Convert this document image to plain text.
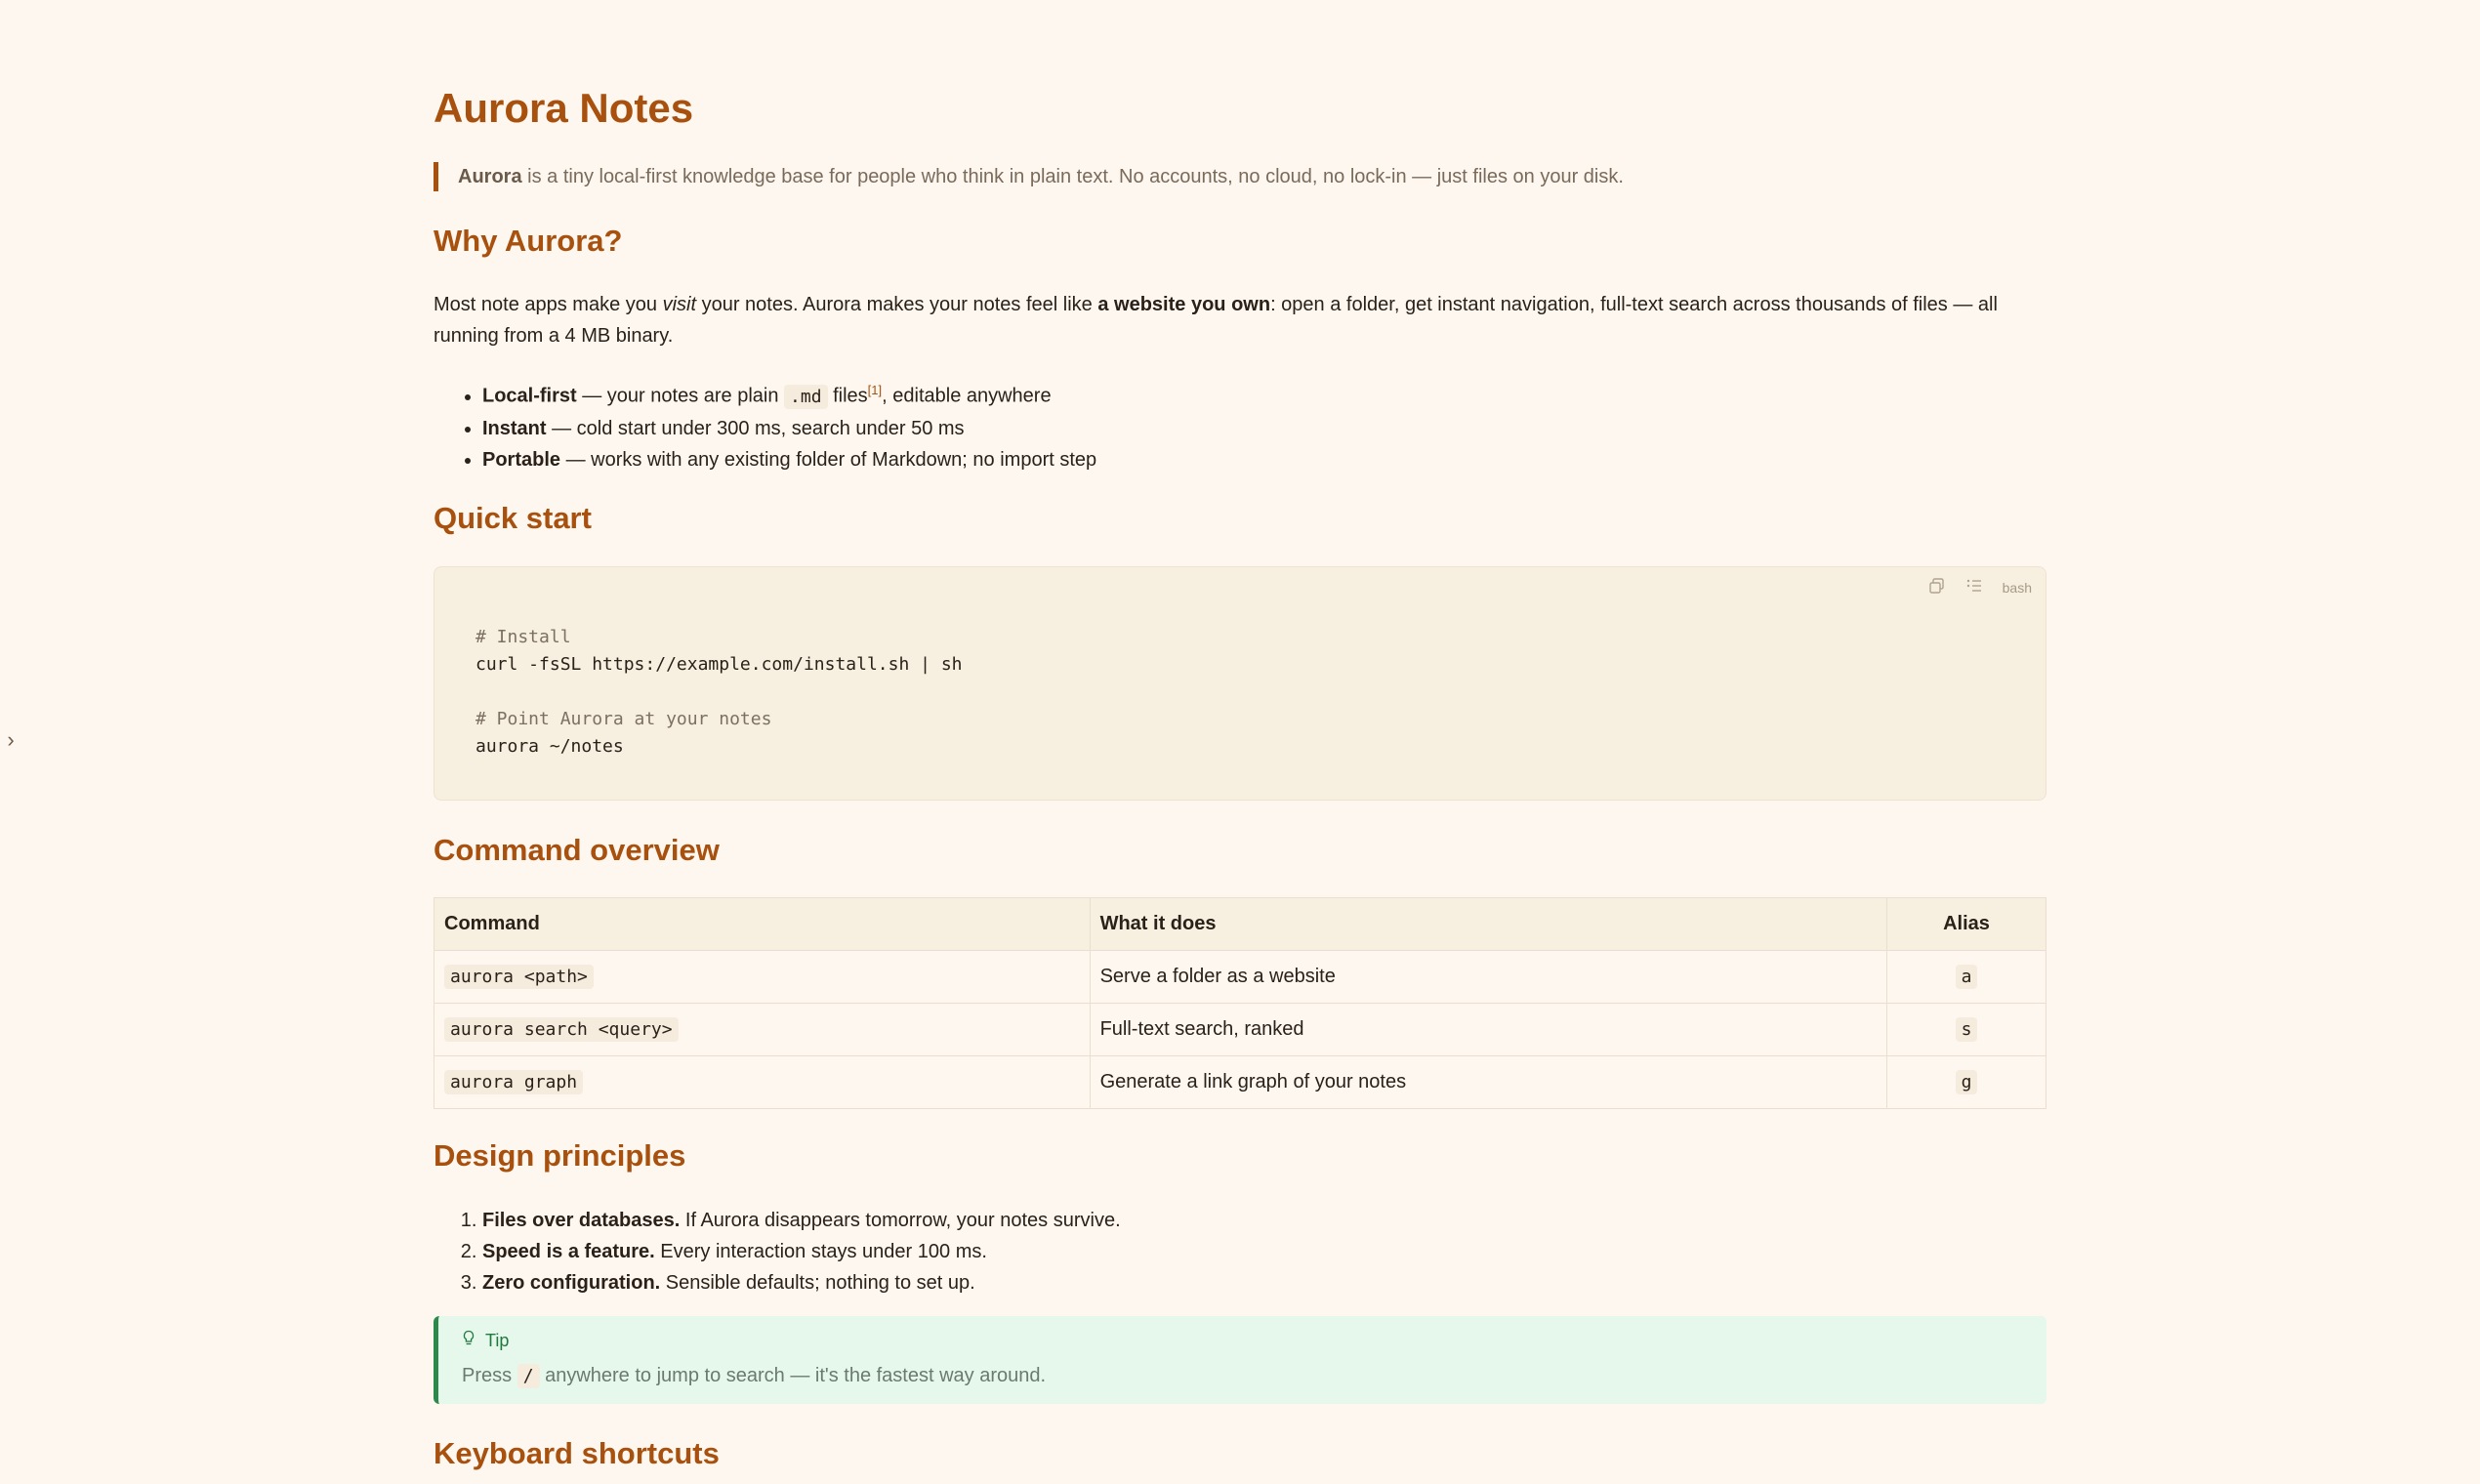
›
Aurora Notes
Aurora is a tiny local-first knowledge base for people who think in plain text. No accounts, no cloud, no lock-in — just files on your disk.
Why Aurora?
Most note apps make you visit your notes. Aurora makes your notes feel like a website you own: open a folder, get instant navigation, full-text search across thousands of files — all running from a 4 MB binary.
• Local-first — your notes are plain .md files[1], editable anywhere
• Instant — cold start under 300 ms, search under 50 ms
• Portable — works with any existing folder of Markdown; no import step
Quick start
bash
# Install
curl -fsSL https://example.com/install.sh | sh

# Point Aurora at your notes
aurora ~/notes
Command overview
Command	What it does	Alias
aurora <path>	Serve a folder as a website	a
aurora search <query>	Full-text search, ranked	s
aurora graph	Generate a link graph of your notes	g
Design principles
1. Files over databases. If Aurora disappears tomorrow, your notes survive.
2. Speed is a feature. Every interaction stays under 100 ms.
3. Zero configuration. Sensible defaults; nothing to set up.
Tip
Press / anywhere to jump to search — it's the fastest way around.
Keyboard shortcuts
